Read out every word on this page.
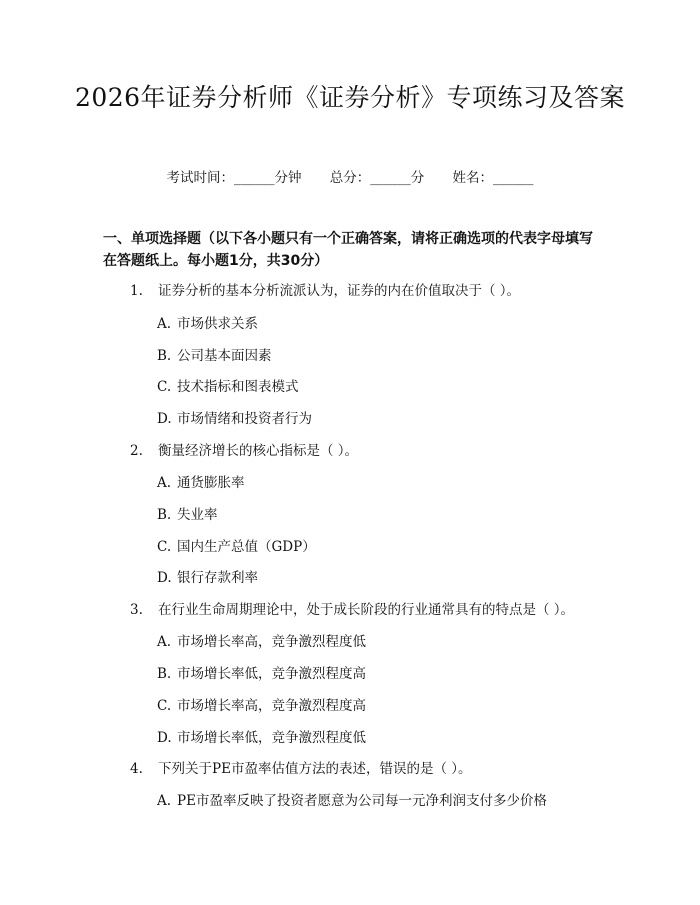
2026年证券分析师《证券分析》专项练习及答案
考试时间：______分钟 总分：______分 姓名：______
一、单项选择题（以下各小题只有一个正确答案，请将正确选项的代表字母填写在答题纸上。每小题1分，共30分）
1. 证券分析的基本分析流派认为，证券的内在价值取决于（ ）。
A. 市场供求关系
B. 公司基本面因素
C. 技术指标和图表模式
D. 市场情绪和投资者行为
2. 衡量经济增长的核心指标是（ ）。
A. 通货膨胀率
B. 失业率
C. 国内生产总值（GDP）
D. 银行存款利率
3. 在行业生命周期理论中，处于成长阶段的行业通常具有的特点是（ ）。
A. 市场增长率高，竞争激烈程度低
B. 市场增长率低，竞争激烈程度高
C. 市场增长率高，竞争激烈程度高
D. 市场增长率低，竞争激烈程度低
4. 下列关于PE市盈率估值方法的表述，错误的是（ ）。
A. PE市盈率反映了投资者愿意为公司每一元净利润支付多少价格
